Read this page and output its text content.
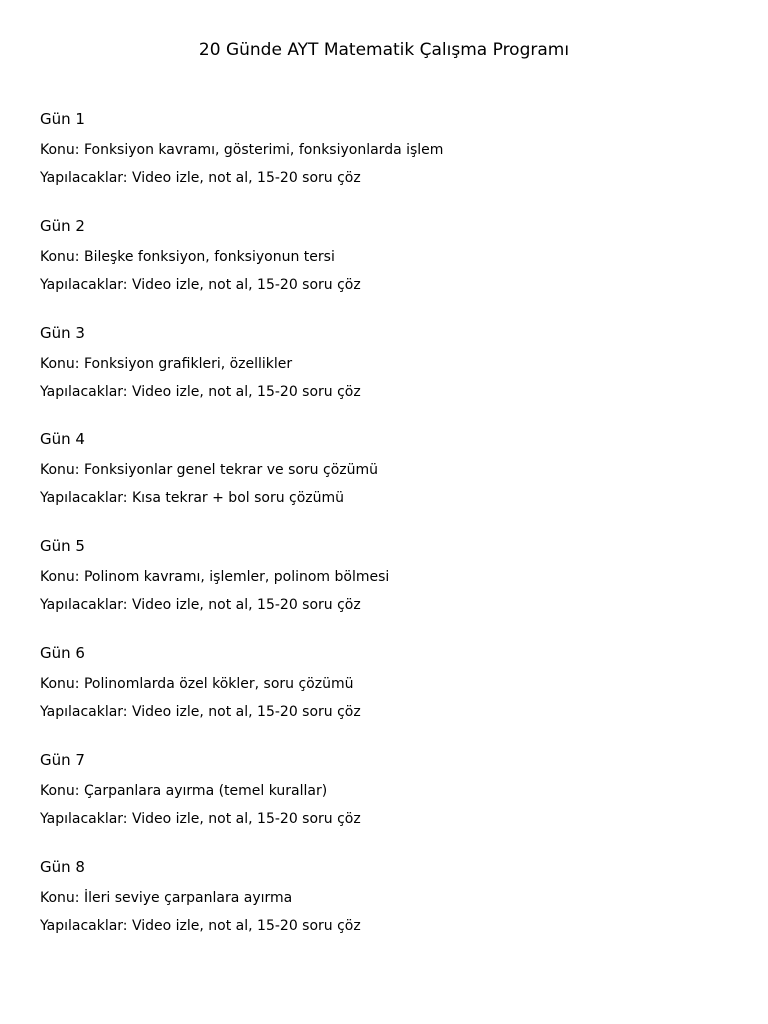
20 Günde AYT Matematik Çalışma Programı

Gün 1

Konu: Fonksiyon kavramı, gösterimi, fonksiyonlarda işlem

Yapılacaklar: Video izle, not al, 15-20 soru çöz

Gün 2

Konu: Bileşke fonksiyon, fonksiyonun tersi

Yapılacaklar: Video izle, not al, 15-20 soru çöz

Gün 3

Konu: Fonksiyon grafikleri, özellikler

Yapılacaklar: Video izle, not al, 15-20 soru çöz

Gün 4

Konu: Fonksiyonlar genel tekrar ve soru çözümü

Yapılacaklar: Kısa tekrar + bol soru çözümü

Gün 5

Konu: Polinom kavramı, işlemler, polinom bölmesi

Yapılacaklar: Video izle, not al, 15-20 soru çöz

Gün 6

Konu: Polinomlarda özel kökler, soru çözümü

Yapılacaklar: Video izle, not al, 15-20 soru çöz

Gün 7

Konu: Çarpanlara ayırma (temel kurallar)

Yapılacaklar: Video izle, not al, 15-20 soru çöz

Gün 8

Konu: İleri seviye çarpanlara ayırma

Yapılacaklar: Video izle, not al, 15-20 soru çöz
